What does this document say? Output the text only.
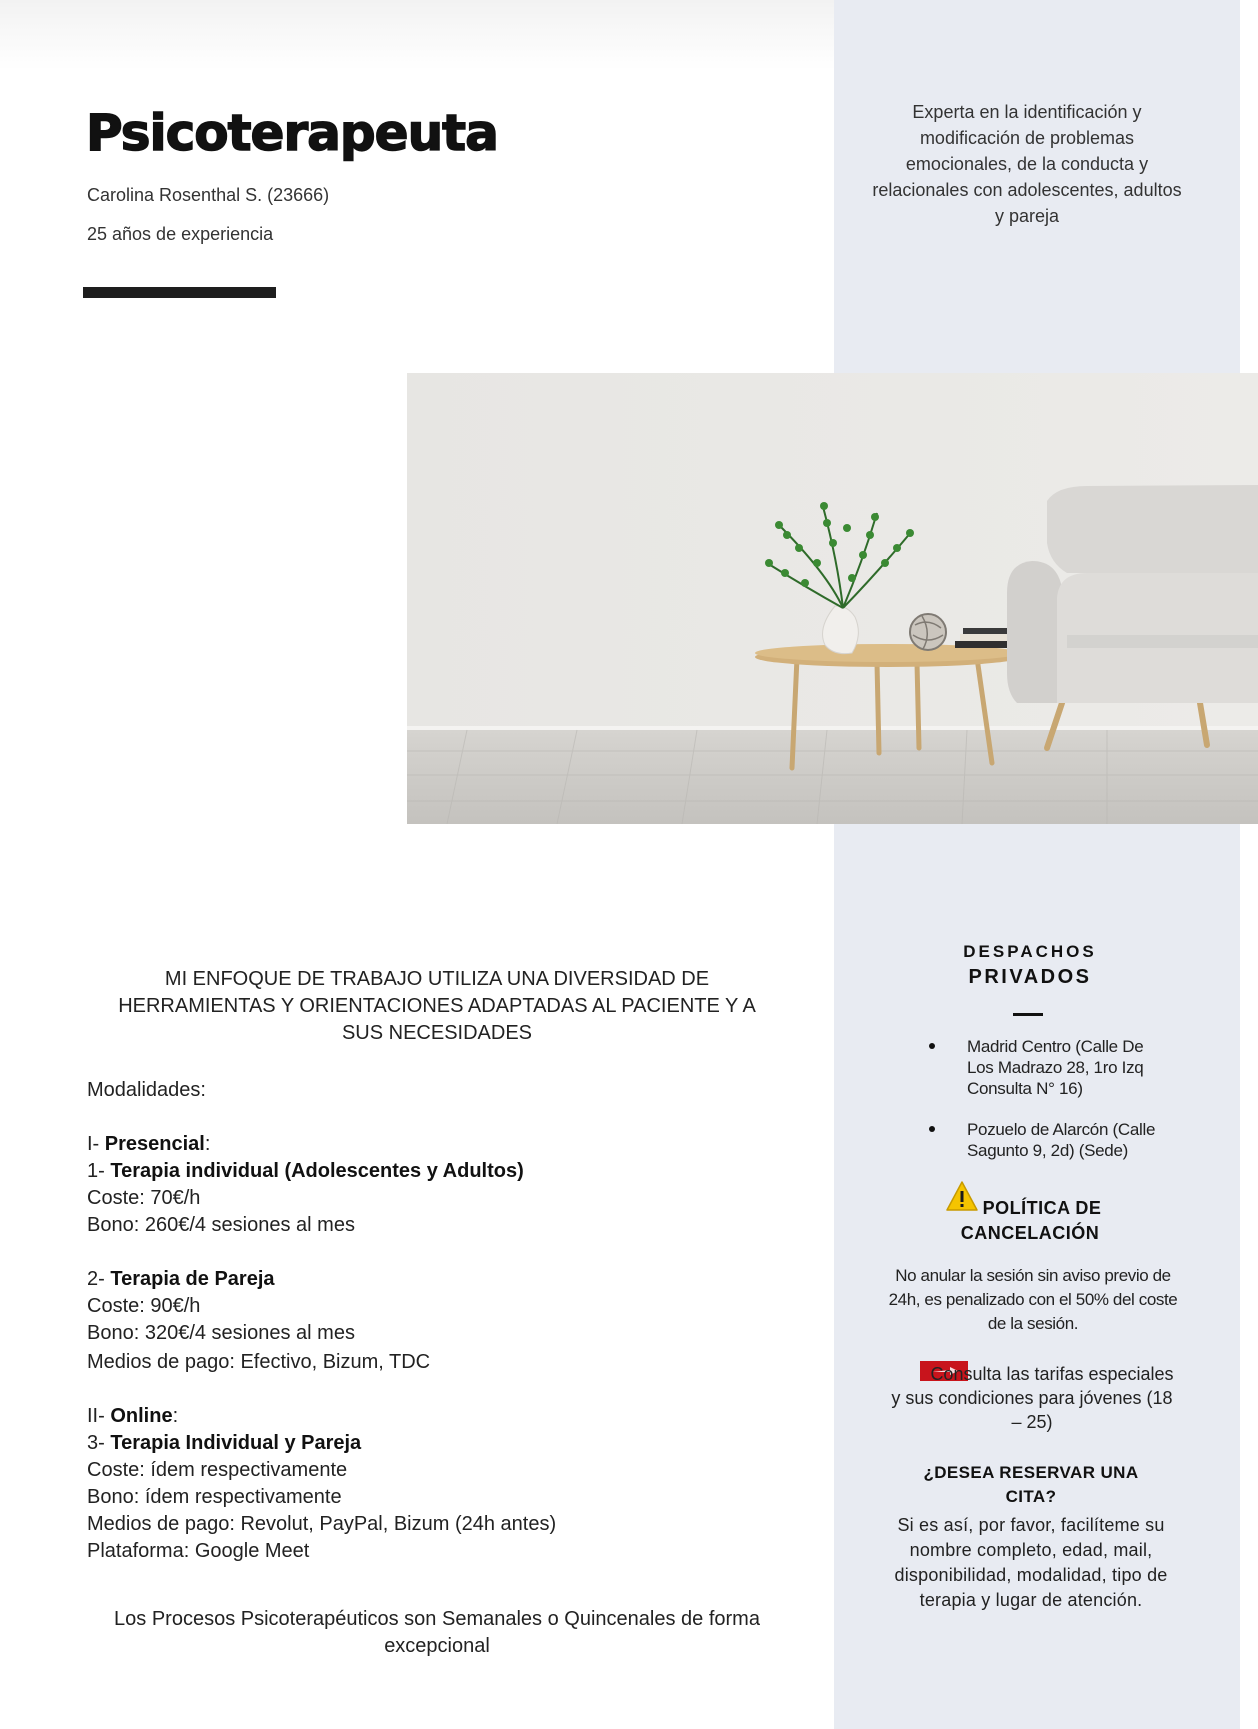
Psicoterapeuta
Carolina Rosenthal S. (23666)
25 años de experiencia
Experta en la identificación y modificación de problemas emocionales, de la conducta y relacionales con adolescentes, adultos y pareja
MI ENFOQUE DE TRABAJO UTILIZA UNA DIVERSIDAD DE
HERRAMIENTAS Y ORIENTACIONES ADAPTADAS AL PACIENTE Y A
SUS NECESIDADES
Modalidades:
I- Presencial:
1- Terapia individual (Adolescentes y Adultos)
Coste: 70€/h
Bono: 260€/4 sesiones al mes
2- Terapia de Pareja
Coste: 90€/h
Bono: 320€/4 sesiones al mes
Medios de pago: Efectivo, Bizum, TDC
II- Online:
3- Terapia Individual y Pareja
Coste: ídem respectivamente
Bono: ídem respectivamente
Medios de pago: Revolut, PayPal, Bizum (24h antes)
Plataforma: Google Meet
Los Procesos Psicoterapéuticos son Semanales o Quincenales de forma excepcional
DESPACHOS
PRIVADOS
Madrid Centro (Calle De Los Madrazo 28, 1ro Izq Consulta N° 16)
Pozuelo de Alarcón (Calle Sagunto 9, 2d) (Sede)
POLÍTICA DE CANCELACIÓN
No anular la sesión sin aviso previo de 24h, es penalizado con el 50% del coste de la sesión.
Consulta las tarifas especiales y sus condiciones para jóvenes (18 – 25)
¿DESEA RESERVAR UNA CITA?
Si es así, por favor, facilíteme su nombre completo, edad, mail, disponibilidad, modalidad, tipo de terapia y lugar de atención.
